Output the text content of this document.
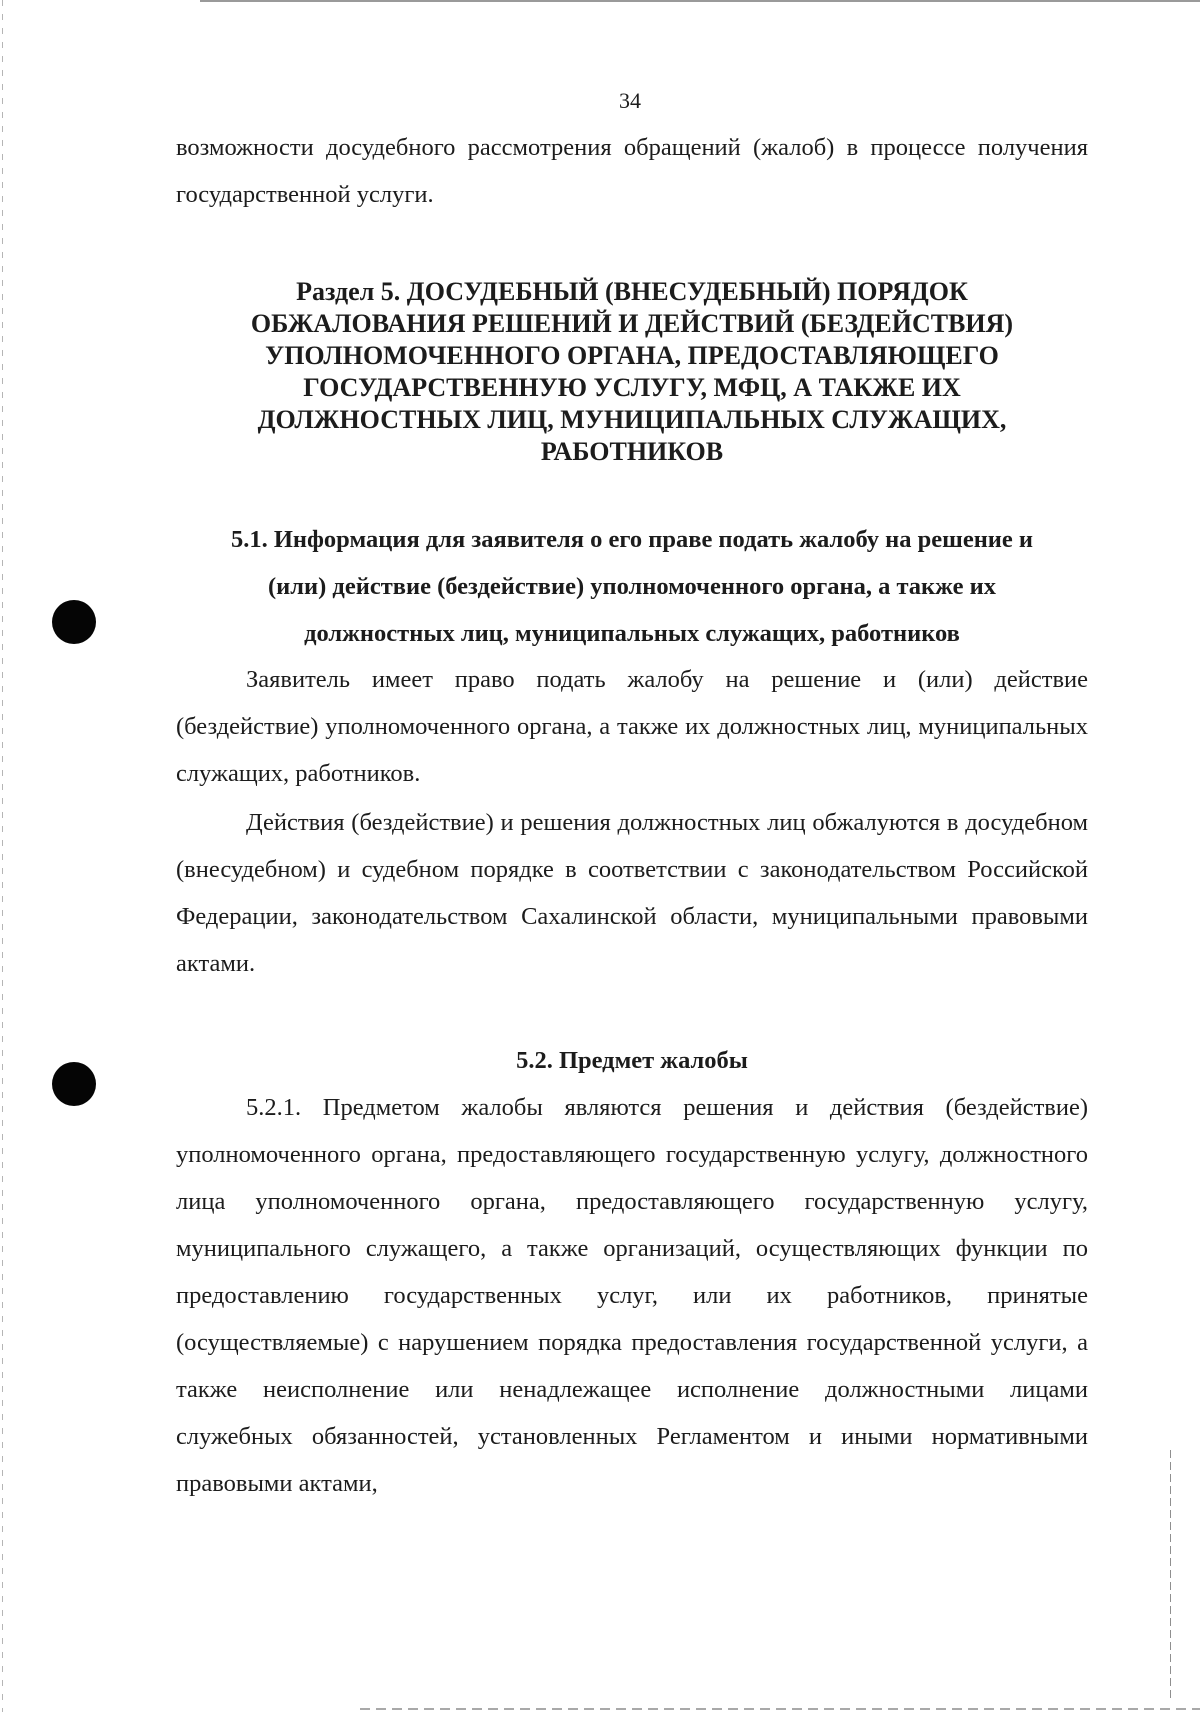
34

возможности досудебного рассмотрения обращений (жалоб) в процессе получения государственной услуги.

Раздел 5. ДОСУДЕБНЫЙ (ВНЕСУДЕБНЫЙ) ПОРЯДОК
ОБЖАЛОВАНИЯ РЕШЕНИЙ И ДЕЙСТВИЙ (БЕЗДЕЙСТВИЯ)
УПОЛНОМОЧЕННОГО ОРГАНА, ПРЕДОСТАВЛЯЮЩЕГО
ГОСУДАРСТВЕННУЮ УСЛУГУ, МФЦ, А ТАКЖЕ ИХ
ДОЛЖНОСТНЫХ ЛИЦ, МУНИЦИПАЛЬНЫХ СЛУЖАЩИХ,
РАБОТНИКОВ
5.1. Информация для заявителя о его праве подать жалобу на решение и
(или) действие (бездействие) уполномоченного органа, а также их
должностных лиц, муниципальных служащих, работников

Заявитель имеет право подать жалобу на решение и (или) действие (бездействие) уполномоченного органа, а также их должностных лиц, муниципальных служащих, работников.

Действия (бездействие) и решения должностных лиц обжалуются в досудебном (внесудебном) и судебном порядке в соответствии с законодательством Российской Федерации, законодательством Сахалинской области, муниципальными правовыми актами.

5.2. Предмет жалобы

5.2.1. Предметом жалобы являются решения и действия (бездействие) уполномоченного органа, предоставляющего государственную услугу, должностного лица уполномоченного органа, предоставляющего государственную услугу, муниципального служащего, а также организаций, осуществляющих функции по предоставлению государственных услуг, или их работников, принятые (осуществляемые) с нарушением порядка предоставления государственной услуги, а также неисполнение или ненадлежащее исполнение должностными лицами служебных обязанностей, установленных Регламентом и иными нормативными правовыми актами,
